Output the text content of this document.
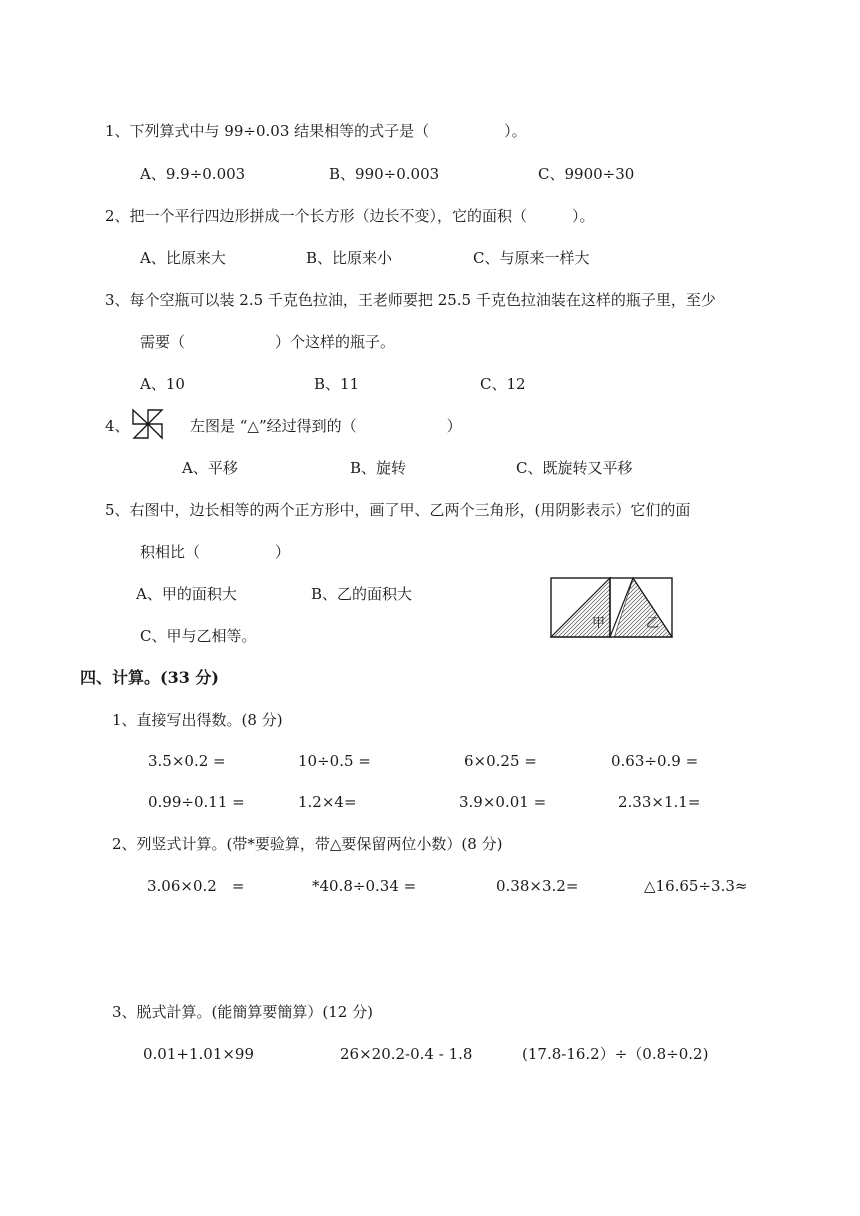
1、下列算式中与 99÷0.03 结果相等的式子是（　　　　　）。
A、9.9÷0.003	B、990÷0.003	C、9900÷30
2、把一个平行四边形拼成一个长方形（边长不变），它的面积（　　　）。
A、比原来大	B、比原来小	C、与原来一样大
3、每个空瓶可以装 2.5 千克色拉油，王老师要把 25.5 千克色拉油装在这样的瓶子里，至少
需要（　　　　　　）个这样的瓶子。
A、10	B、11	C、12
4、	左图是 “△”经过得到的（　　　　　　）
A、平移	B、旋转	C、既旋转又平移
5、右图中，边长相等的两个正方形中，画了甲、乙两个三角形，(用阴影表示）它们的面
积相比（　　　　　）
A、甲的面积大	B、乙的面积大
C、甲与乙相等。
甲	乙
四、计算。(33 分)
1、直接写出得数。(8 分)
3.5×0.2 =	10÷0.5 =	6×0.25 =	0.63÷0.9 =
0.99÷0.11 =	1.2×4=	3.9×0.01 =	2.33×1.1=
2、列竖式计算。(带*要验算，带△要保留两位小数）(8 分)
3.06×0.2　=	*40.8÷0.34 =	0.38×3.2=	△16.65÷3.3≈
3、脱式計算。(能簡算要簡算）(12 分)
0.01+1.01×99	26×20.2-0.4 - 1.8	(17.8-16.2）÷（0.8÷0.2)
